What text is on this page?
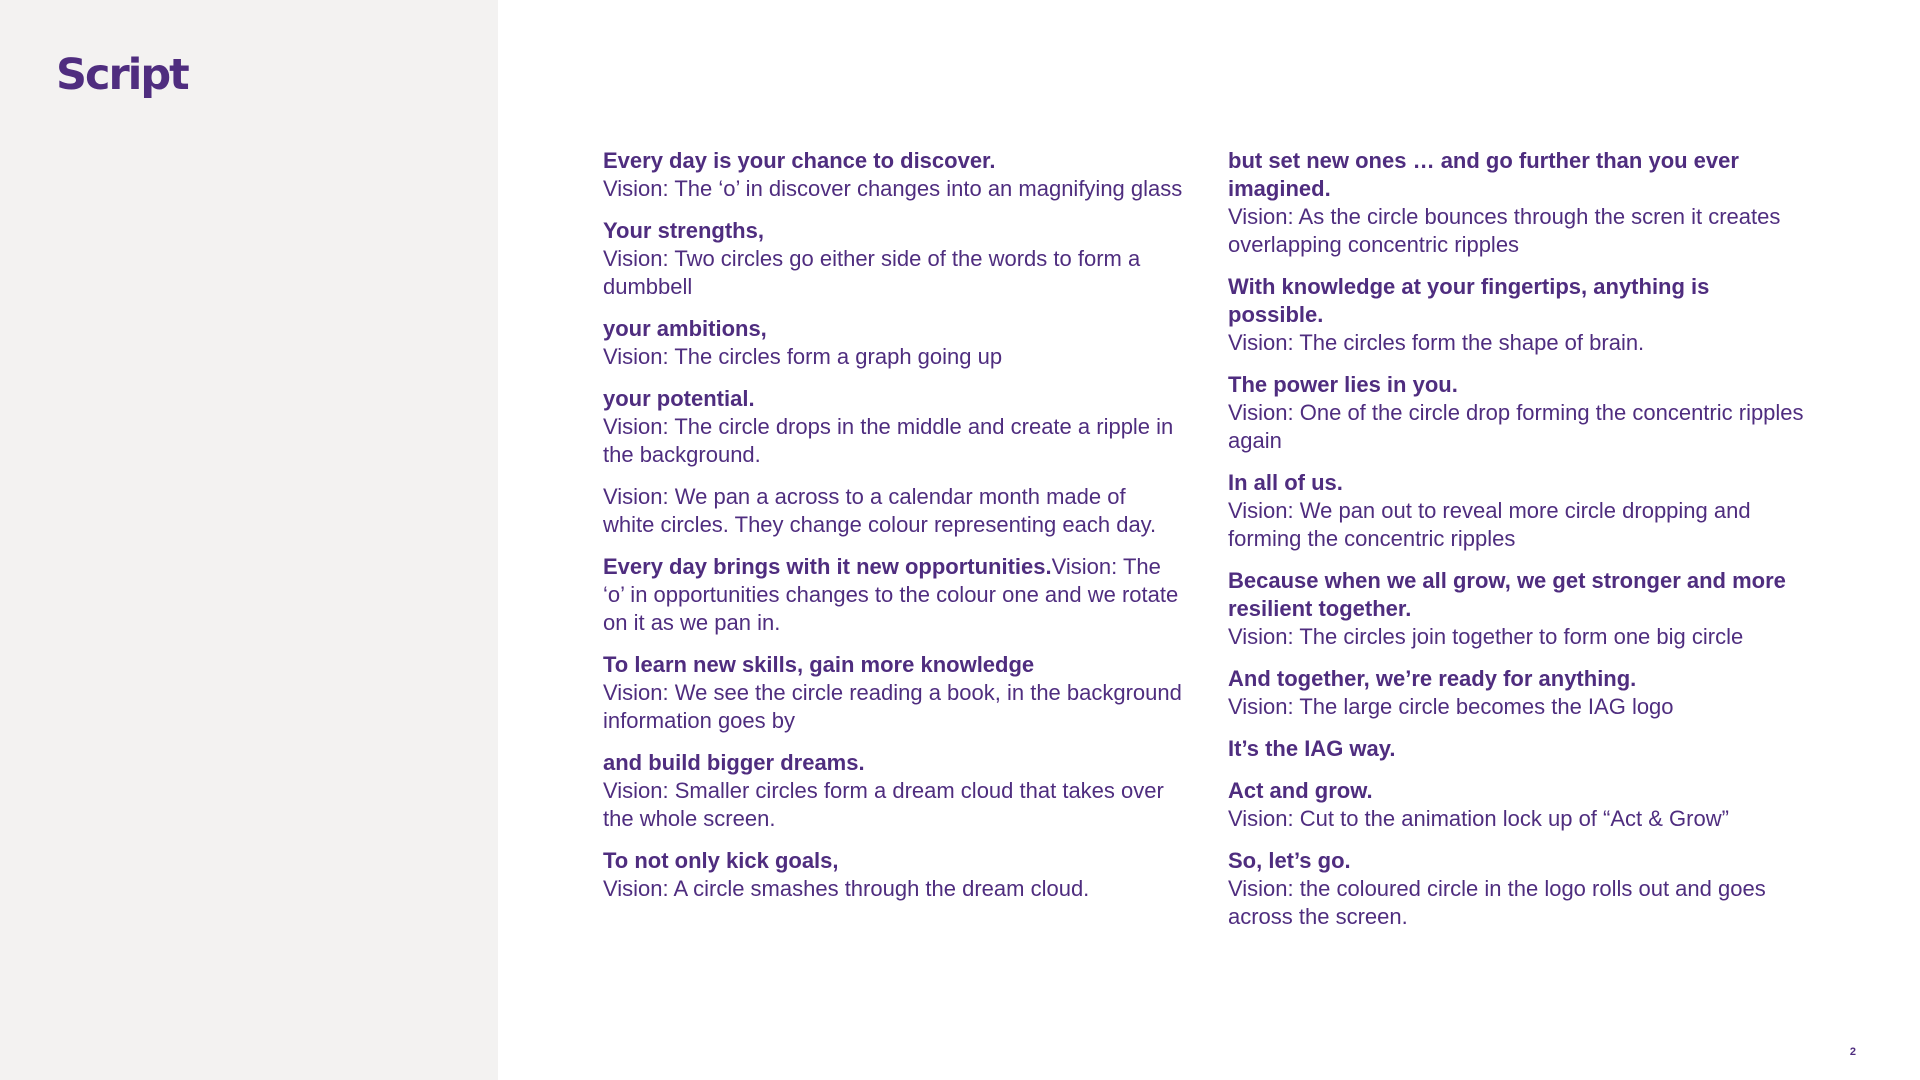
Script
Every day is your chance to discover.
Vision: The ‘o’ in discover changes into an magnifying glass
Your strengths,
Vision: Two circles go either side of the words to form a dumbbell
your ambitions,
Vision: The circles form a graph going up
your potential.
Vision: The circle drops in the middle and create a ripple in the background.
Vision: We pan a across to a calendar month made of white circles. They change colour representing each day.
Every day brings with it new opportunities.Vision: The ‘o’ in opportunities changes to the colour one and we rotate on it as we pan in.
To learn new skills, gain more knowledge
Vision: We see the circle reading a book, in the background information goes by
and build bigger dreams.
Vision: Smaller circles form a dream cloud that takes over the whole screen.
To not only kick goals,
Vision: A circle smashes through the dream cloud.
but set new ones … and go further than you ever imagined.
Vision: As the circle bounces through the scren it creates overlapping concentric ripples
With knowledge at your fingertips, anything is possible.
Vision: The circles form the shape of brain.
The power lies in you.
Vision: One of the circle drop forming the concentric ripples again
In all of us.
Vision: We pan out to reveal more circle dropping and forming the concentric ripples
Because when we all grow, we get stronger and more resilient together.
Vision: The circles join together to form one big circle
And together, we’re ready for anything.
Vision: The large circle becomes the IAG logo
It’s the IAG way.
Act and grow.
Vision: Cut to the animation lock up of “Act & Grow”
So, let’s go.
Vision: the coloured circle in the logo rolls out and goes across the screen.
2
